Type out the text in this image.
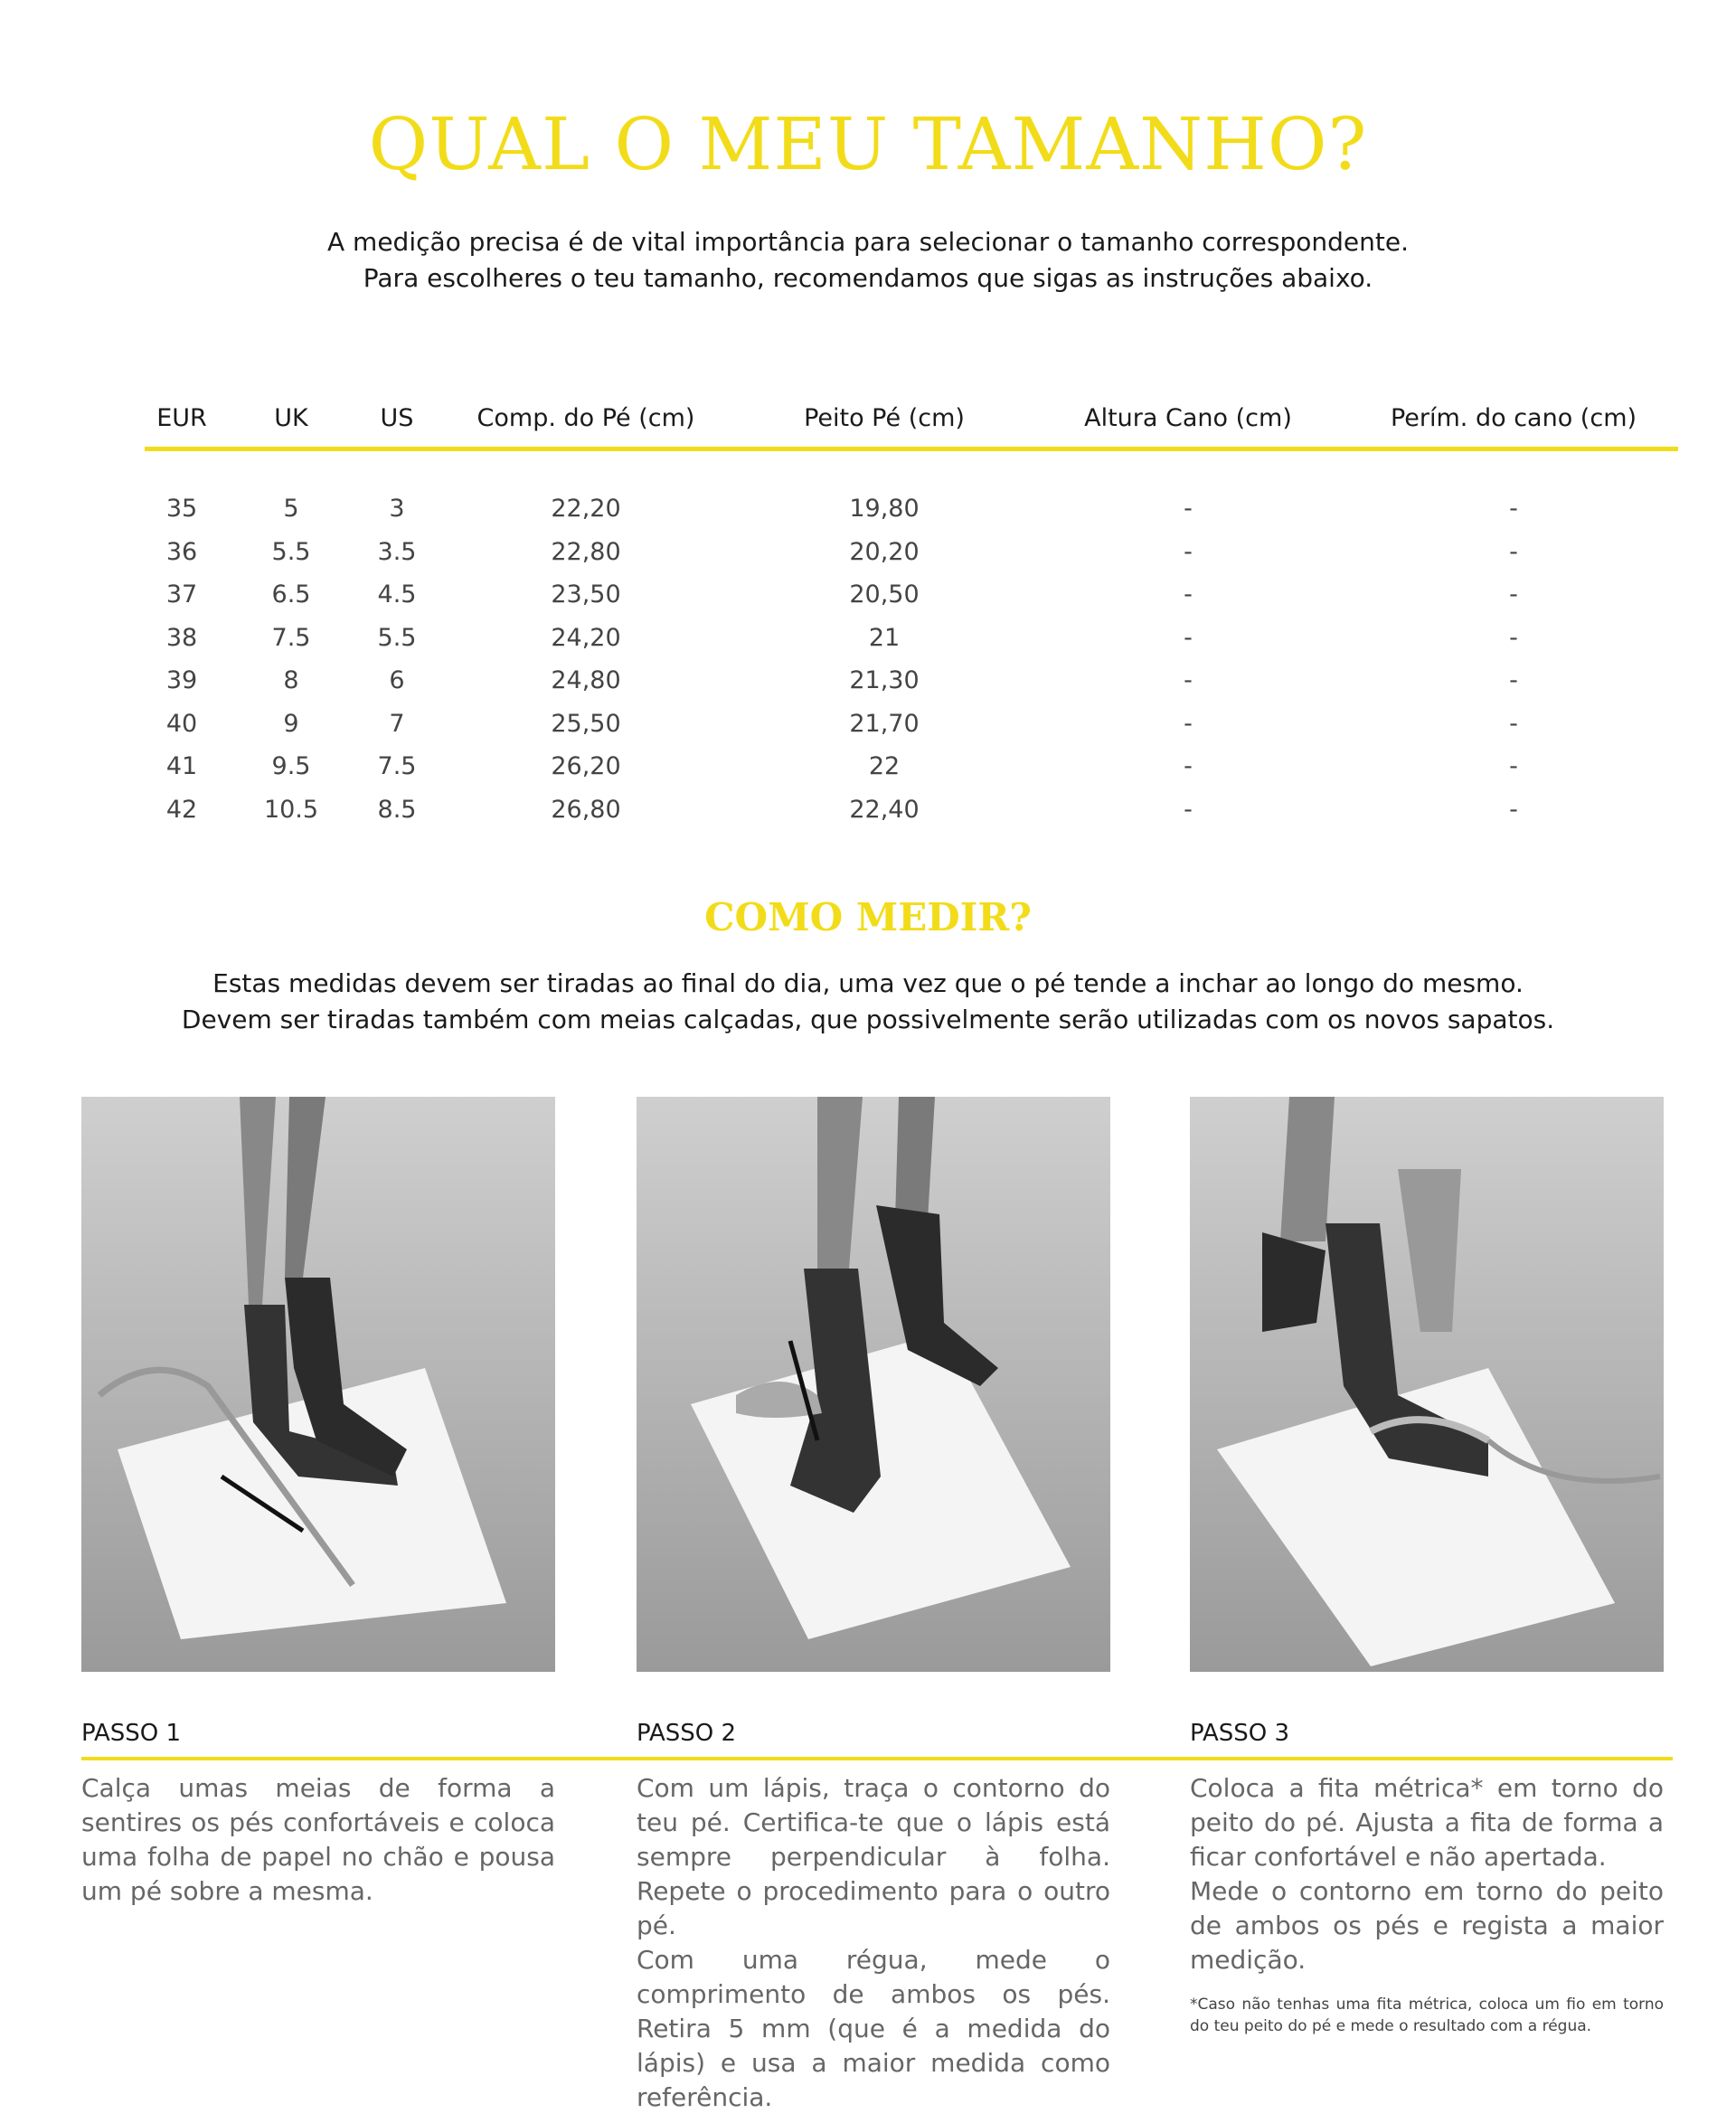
QUAL O MEU TAMANHO?

A medição precisa é de vital importância para selecionar o tamanho correspondente.

Para escolheres o teu tamanho, recomendamos que sigas as instruções abaixo.

EUR	UK	US	Comp. do Pé (cm)	Peito Pé (cm)	Altura Cano (cm)	Perím. do cano (cm)

35	5	3	22,20	19,80	-	-
36	5.5	3.5	22,80	20,20	-	-
37	6.5	4.5	23,50	20,50	-	-
38	7.5	5.5	24,20	21	-	-
39	8	6	24,80	21,30	-	-
40	9	7	25,50	21,70	-	-
41	9.5	7.5	26,20	22	-	-
42	10.5	8.5	26,80	22,40	-	-
COMO MEDIR?

Estas medidas devem ser tiradas ao final do dia, uma vez que o pé tende a inchar ao longo do mesmo.

Devem ser tiradas também com meias calçadas, que possivelmente serão utilizadas com os novos sapatos.

PASSO 1
Calça umas meias de forma a sentires os pés confortáveis e coloca uma folha de papel no chão e pousa um pé sobre a mesma.
PASSO 2
Com um lápis, traça o contorno do teu pé. Certifica-te que o lápis está sempre perpendicular à folha. Repete o procedimento para o outro pé.
Com uma régua, mede o comprimento de ambos os pés. Retira 5 mm (que é a medida do lápis) e usa a maior medida como referência.
PASSO 3
Coloca a fita métrica* em torno do peito do pé. Ajusta a fita de forma a ficar confortável e não apertada.
Mede o contorno em torno do peito de ambos os pés e regista a maior medição.
*Caso não tenhas uma fita métrica, coloca um fio em torno do teu peito do pé e mede o resultado com a régua.
